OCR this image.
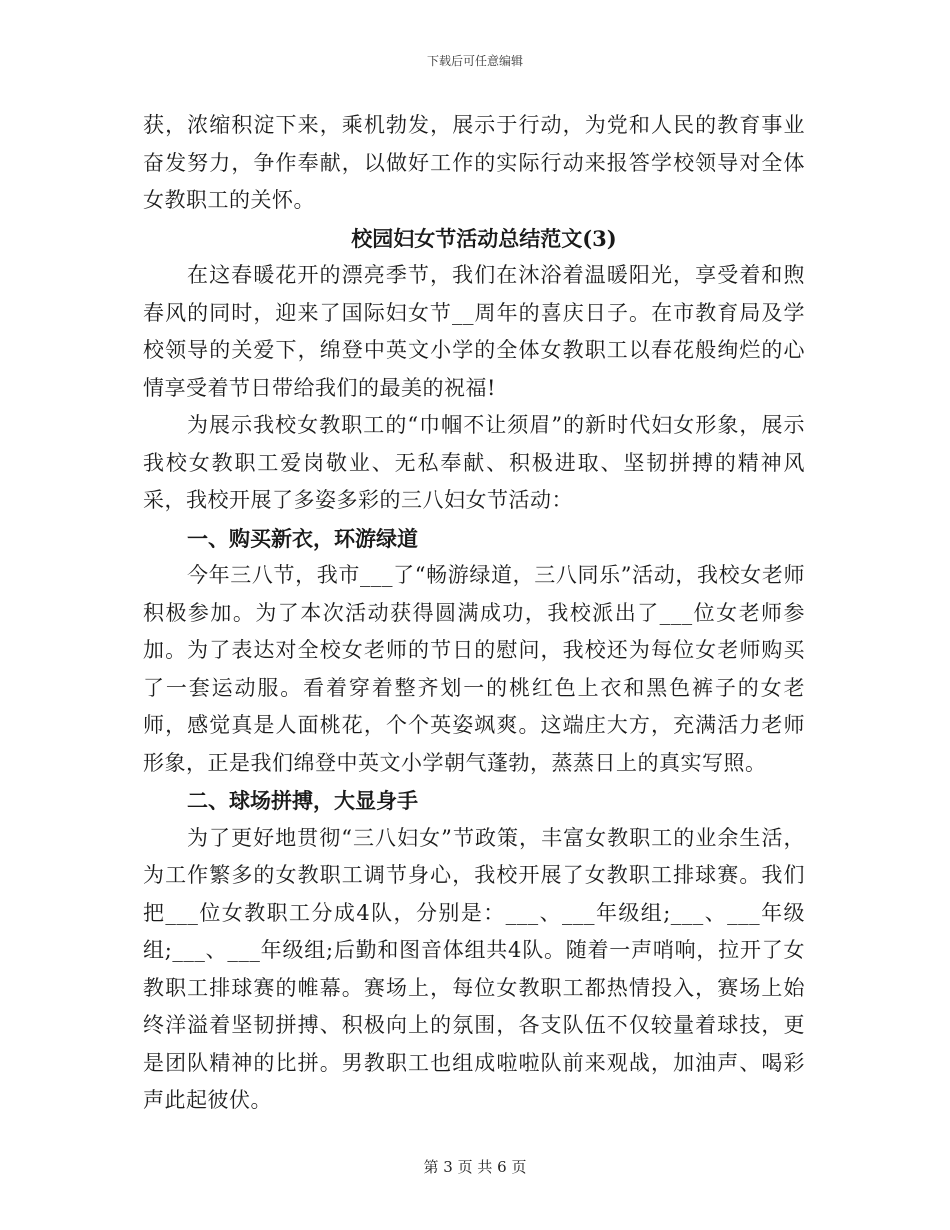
下载后可任意编辑

获，浓缩积淀下来，乘机勃发，展示于行动，为党和人民的教育事业奋发努力，争作奉献，以做好工作的实际行动来报答学校领导对全体女教职工的关怀。

校园妇女节活动总结范文(3)

在这春暖花开的漂亮季节，我们在沐浴着温暖阳光，享受着和煦春风的同时，迎来了国际妇女节__周年的喜庆日子。在市教育局及学校领导的关爱下，绵登中英文小学的全体女教职工以春花般绚烂的心情享受着节日带给我们的最美的祝福!

为展示我校女教职工的“巾帼不让须眉”的新时代妇女形象，展示我校女教职工爱岗敬业、无私奉献、积极进取、坚韧拼搏的精神风采，我校开展了多姿多彩的三八妇女节活动：

一、购买新衣，环游绿道

今年三八节，我市___了“畅游绿道，三八同乐”活动，我校女老师积极参加。为了本次活动获得圆满成功，我校派出了___位女老师参加。为了表达对全校女老师的节日的慰问，我校还为每位女老师购买了一套运动服。看着穿着整齐划一的桃红色上衣和黑色裤子的女老师，感觉真是人面桃花，个个英姿飒爽。这端庄大方，充满活力老师形象，正是我们绵登中英文小学朝气蓬勃，蒸蒸日上的真实写照。

二、球场拼搏，大显身手

为了更好地贯彻“三八妇女”节政策，丰富女教职工的业余生活，为工作繁多的女教职工调节身心，我校开展了女教职工排球赛。我们把___位女教职工分成4队，分别是：___、___年级组;___、___年级组;___、___年级组;后勤和图音体组共4队。随着一声哨响，拉开了女教职工排球赛的帷幕。赛场上，每位女教职工都热情投入，赛场上始终洋溢着坚韧拼搏、积极向上的氛围，各支队伍不仅较量着球技，更是团队精神的比拼。男教职工也组成啦啦队前来观战，加油声、喝彩声此起彼伏。

第 3 页 共 6 页
